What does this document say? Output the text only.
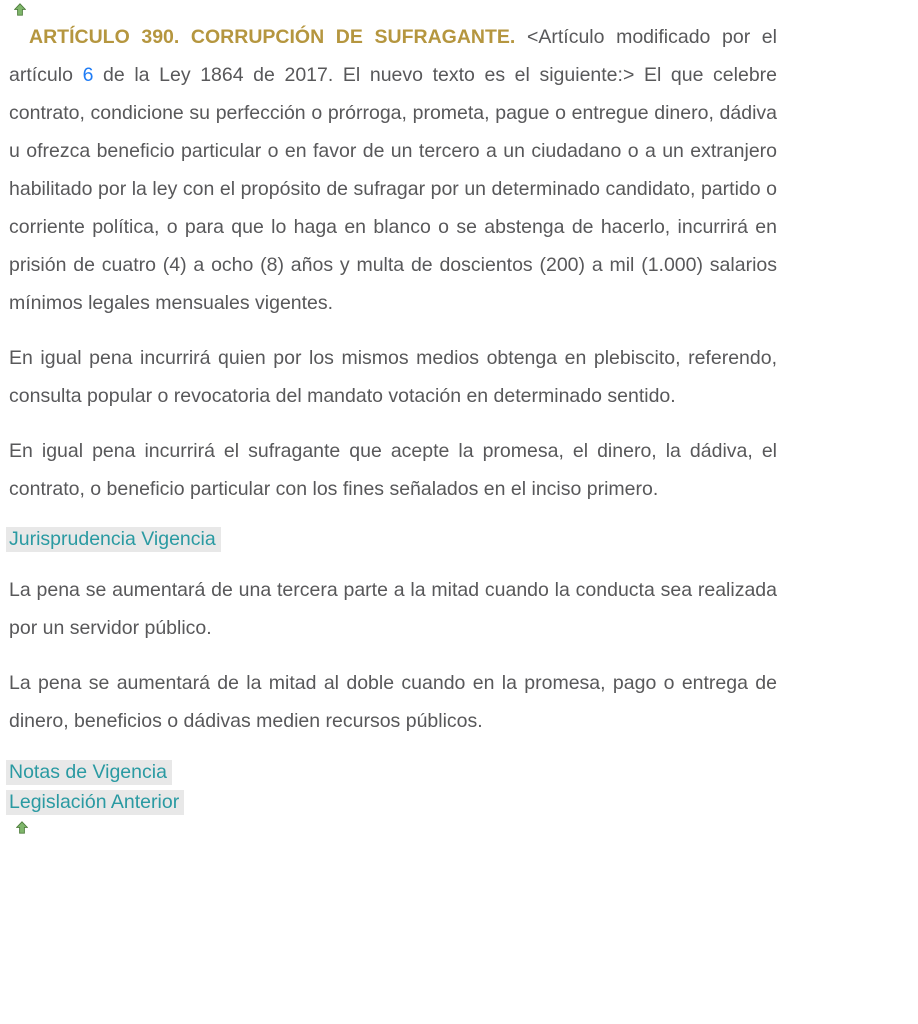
ARTÍCULO 390. CORRUPCIÓN DE SUFRAGANTE. <Artículo modificado por el artículo 6 de la Ley 1864 de 2017. El nuevo texto es el siguiente:> El que celebre contrato, condicione su perfección o prórroga, prometa, pague o entregue dinero, dádiva u ofrezca beneficio particular o en favor de un tercero a un ciudadano o a un extranjero habilitado por la ley con el propósito de sufragar por un determinado candidato, partido o corriente política, o para que lo haga en blanco o se abstenga de hacerlo, incurrirá en prisión de cuatro (4) a ocho (8) años y multa de doscientos (200) a mil (1.000) salarios mínimos legales mensuales vigentes.

En igual pena incurrirá quien por los mismos medios obtenga en plebiscito, referendo, consulta popular o revocatoria del mandato votación en determinado sentido.

En igual pena incurrirá el sufragante que acepte la promesa, el dinero, la dádiva, el contrato, o beneficio particular con los fines señalados en el inciso primero.

Jurisprudencia Vigencia

La pena se aumentará de una tercera parte a la mitad cuando la conducta sea realizada por un servidor público.

La pena se aumentará de la mitad al doble cuando en la promesa, pago o entrega de dinero, beneficios o dádivas medien recursos públicos.

Notas de Vigencia
Legislación Anterior
